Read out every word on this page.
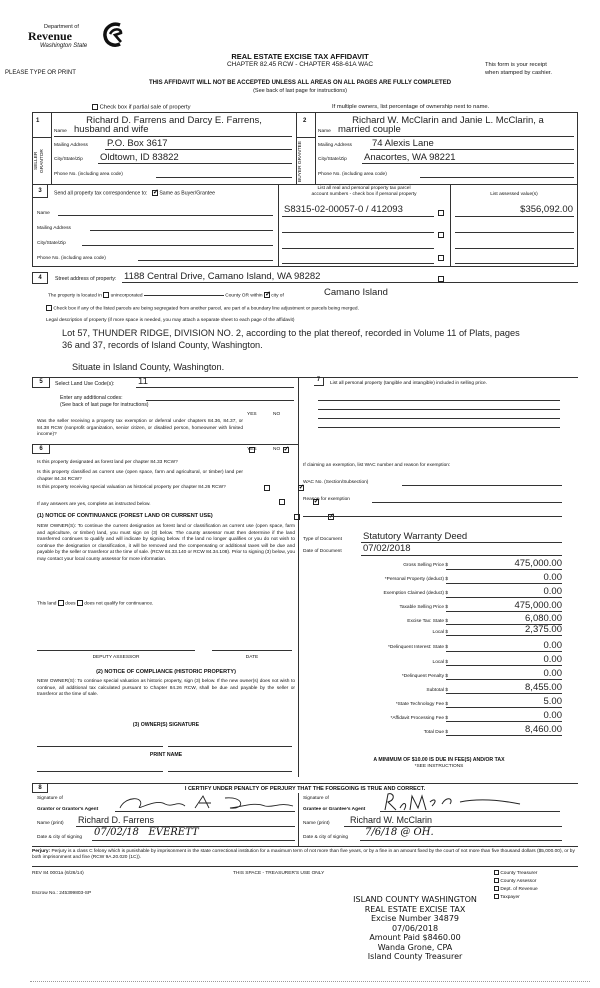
Department of
Revenue
Washington State
PLEASE TYPE OR PRINT
REAL ESTATE EXCISE TAX AFFIDAVIT
CHAPTER 82.45 RCW - CHAPTER 458-61A WAC	This form is your receipt
when stamped by cashier.
THIS AFFIDAVIT WILL NOT BE ACCEPTED UNLESS ALL AREAS ON ALL PAGES ARE FULLY COMPLETED
(See back of last page for instructions)
Check box if partial sale of property	If multiple owners, list percentage of ownership next to name.
1
SELLER GRANTOR
Richard D. Farrens and Darcy E. Farrens,
Name husband and wife
Mailing Address P.O. Box 3617
City/State/Zip Oldtown, ID 83822
Phone No. (including area code)
2
BUYER GRANTEE
Richard W. McClarin and Janie L. McClarin, a
Name married couple
Mailing Address 74 Alexis Lane
City/State/Zip Anacortes, WA 98221
Phone No. (including area code)
3	Send all property tax correspondence to: ✓ Same as Buyer/Grantee
Name
Mailing Address
City/State/Zip
Phone No. (including area code)
List all real and personal property tax parcel
account numbers - check box if personal property	List assessed value(s)
S8315-02-00057-0 / 412093	$356,092.00
4	Street address of property: 1188 Central Drive, Camano Island, WA 98282
The property is located in unincorporated	County OR within ✓ city of	Camano Island
Check box if any of the listed parcels are being segregated from another parcel, are part of a boundary line adjustment or parcels being merged.
Legal description of property (if more space is needed, you may attach a separate sheet to each page of the affidavit)
Lot 57, THUNDER RIDGE, DIVISION NO. 2, according to the plat thereof, recorded in Volume 11 of Plats, pages
36 and 37, records of Island County, Washington.
Situate in Island County, Washington.
5	Select Land Use Code(s): 11
Enter any additional codes:
(See back of last page for instructions)
YES	NO
Was the seller receiving a property tax exemption or deferral under chapters 84.36, 84.37, or 84.38 RCW (nonprofit organization, senior citizen, or disabled person, homeowner with limited income)?
✓
6	YES	NO
Is this property designated as forest land per chapter 84.33 RCW?
✓
Is this property classified as current use (open space, farm and agricultural, or timber) land per chapter 84.34 RCW?
✓
Is this property receiving special valuation as historical property per chapter 84.26 RCW?
✓
If any answers are yes, complete as instructed below.
(1) NOTICE OF CONTINUANCE (FOREST LAND OR CURRENT USE)
NEW OWNER(S): To continue the current designation as forest land or classification as current use (open space, farm and agriculture, or timber) land, you must sign on (3) below. The county assessor must then determine if the land transferred continues to qualify and will indicate by signing below. If the land no longer qualifies or you do not wish to continue the designation or classification, it will be removed and the compensating or additional taxes will be due and payable by the seller or transferor at the time of sale. (RCW 84.33.140 or RCW 84.34.108). Prior to signing (3) below, you may contact your local county assessor for more information.
This land does does not qualify for continuance.
DEPUTY ASSESSOR	DATE
(2) NOTICE OF COMPLIANCE (HISTORIC PROPERTY)
NEW OWNER(S): To continue special valuation as historic property, sign (3) below. If the new owner(s) does not wish to continue, all additional tax calculated pursuant to Chapter 84.26 RCW, shall be due and payable by the seller or transferor at the time of sale.
(3) OWNER(S) SIGNATURE
PRINT NAME
7
List all personal property (tangible and intangible) included in selling price.
If claiming an exemption, list WAC number and reason for exemption:
WAC No. (Section/Subsection)
Reason for exemption
Type of Document Statutory Warranty Deed
Date of Document 07/02/2018
Gross Selling Price $	475,000.00
*Personal Property (deduct) $	0.00
Exemption Claimed (deduct) $	0.00
Taxable Selling Price $	475,000.00
Excise Tax: State $	6,080.00
Local $	2,375.00
*Delinquent Interest: State $	0.00
Local $	0.00
*Delinquent Penalty $	0.00
Subtotal $	8,455.00
*State Technology Fee $	5.00
*Affidavit Processing Fee $	0.00
Total Due $	8,460.00
A MINIMUM OF $10.00 IS DUE IN FEE(S) AND/OR TAX
*SEE INSTRUCTIONS
8	I CERTIFY UNDER PENALTY OF PERJURY THAT THE FOREGOING IS TRUE AND CORRECT.
Signature of
Grantor or Grantor's Agent
Name (print) Richard D. Farrens
Date & city of signing 07/02/18   EVERETT
Signature of
Grantee or Grantee's Agent
Name (print) Richard W. McClarin
Date & city of signing 7/6/18 @ OH.
Perjury: Perjury is a class C felony which is punishable by imprisonment in the state correctional institution for a maximum term of not more than five years, or by a fine in an amount fixed by the court of not more than five thousand dollars ($5,000.00), or by both imprisonment and fine (RCW 9A.20.020 (1C)).
REV 84 0001a (6/26/14)	THIS SPACE - TREASURER'S USE ONLY
Escrow No.: 245399803-SP
County Treasurer
County Assessor
Dept. of Revenue
Taxpayer
ISLAND COUNTY WASHINGTON
REAL ESTATE EXCISE TAX
Excise Number 34879
07/06/2018
Amount Paid $8460.00
Wanda Grone, CPA
Island County Treasurer
